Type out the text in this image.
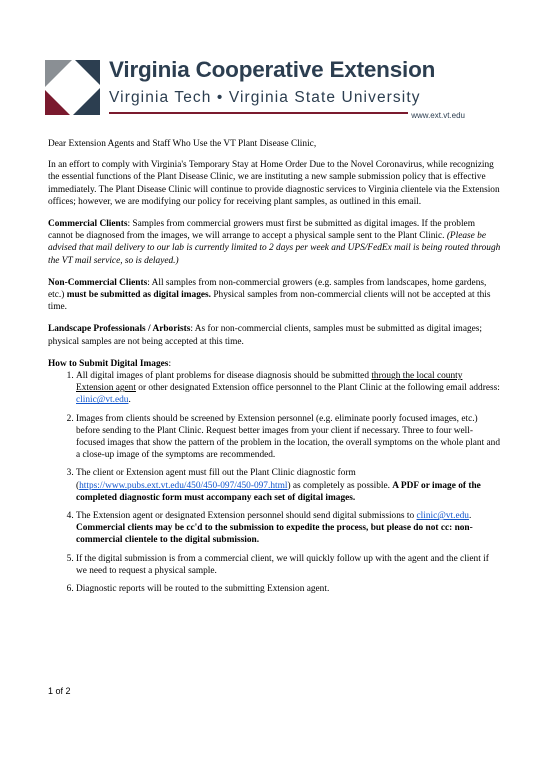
Virginia Cooperative Extension
Virginia Tech • Virginia State University
www.ext.vt.edu

Dear Extension Agents and Staff Who Use the VT Plant Disease Clinic,

In an effort to comply with Virginia's Temporary Stay at Home Order Due to the Novel Coronavirus, while recognizing the essential functions of the Plant Disease Clinic, we are instituting a new sample submission policy that is effective immediately. The Plant Disease Clinic will continue to provide diagnostic services to Virginia clientele via the Extension offices; however, we are modifying our policy for receiving plant samples, as outlined in this email.

Commercial Clients: Samples from commercial growers must first be submitted as digital images. If the problem cannot be diagnosed from the images, we will arrange to accept a physical sample sent to the Plant Clinic. (Please be advised that mail delivery to our lab is currently limited to 2 days per week and UPS/FedEx mail is being routed through the VT mail service, so is delayed.)

Non-Commercial Clients: All samples from non-commercial growers (e.g. samples from landscapes, home gardens, etc.) must be submitted as digital images. Physical samples from non-commercial clients will not be accepted at this time.

Landscape Professionals / Arborists: As for non-commercial clients, samples must be submitted as digital images; physical samples are not being accepted at this time.

How to Submit Digital Images:
1. All digital images of plant problems for disease diagnosis should be submitted through the local county Extension agent or other designated Extension office personnel to the Plant Clinic at the following email address: clinic@vt.edu.
2. Images from clients should be screened by Extension personnel (e.g. eliminate poorly focused images, etc.) before sending to the Plant Clinic. Request better images from your client if necessary. Three to four well-focused images that show the pattern of the problem in the location, the overall symptoms on the whole plant and a close-up image of the symptoms are recommended.
3. The client or Extension agent must fill out the Plant Clinic diagnostic form (https://www.pubs.ext.vt.edu/450/450-097/450-097.html) as completely as possible. A PDF or image of the completed diagnostic form must accompany each set of digital images.
4. The Extension agent or designated Extension personnel should send digital submissions to clinic@vt.edu. Commercial clients may be cc'd to the submission to expedite the process, but please do not cc: non-commercial clientele to the digital submission.
5. If the digital submission is from a commercial client, we will quickly follow up with the agent and the client if we need to request a physical sample.
6. Diagnostic reports will be routed to the submitting Extension agent.
1 of 2
